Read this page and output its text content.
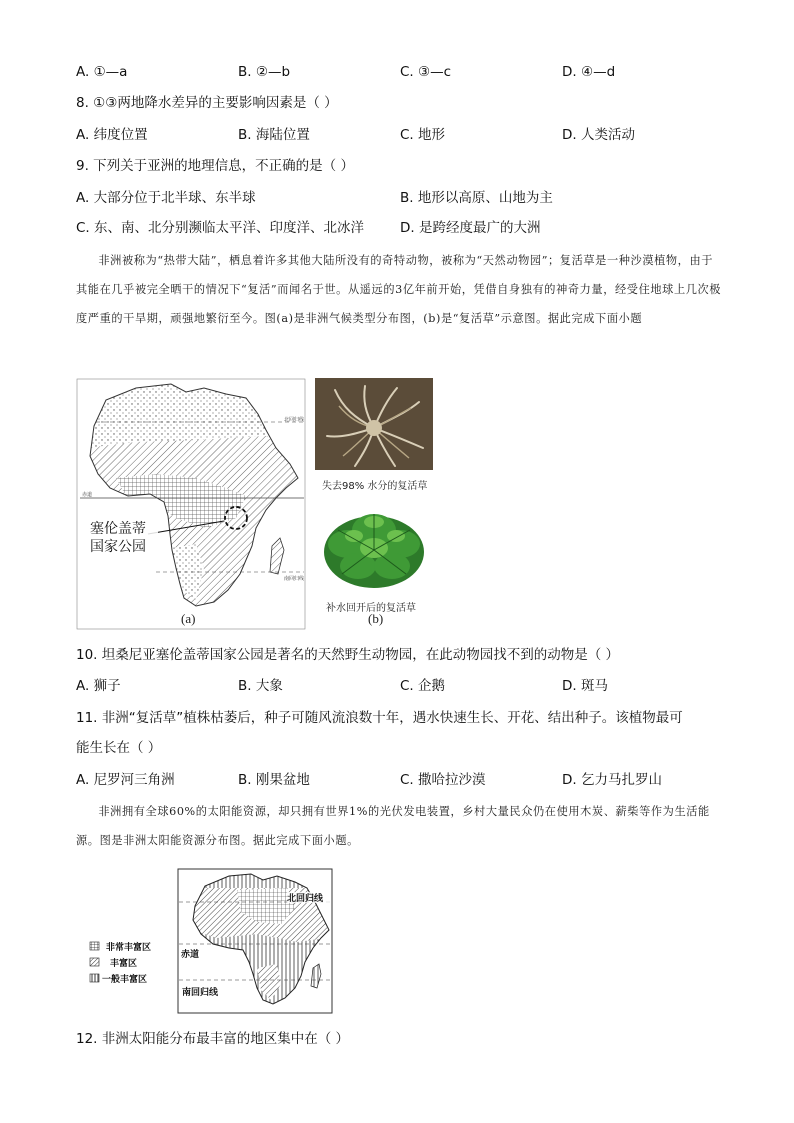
A. ①—a	B. ②—b	C. ③—c	D. ④—d
8. ①③两地降水差异的主要影响因素是（ ）
A. 纬度位置	B. 海陆位置	C. 地形	D. 人类活动
9. 下列关于亚洲的地理信息，不正确的是（ ）
A. 大部分位于北半球、东半球	B. 地形以高原、山地为主
C. 东、南、北分别濒临太平洋、印度洋、北冰洋	D. 是跨经度最广的大洲
非洲被称为“热带大陆”，栖息着许多其他大陆所没有的奇特动物，被称为“天然动物园”；复活草是一种沙漠植物，由于其能在几乎被完全晒干的情况下“复活”而闻名于世。从遥远的3亿年前开始，凭借自身独有的神奇力量，经受住地球上几次极度严重的干旱期，顽强地繁衍至今。图(a)是非洲气候类型分布图，(b)是“复活草”示意图。据此完成下面小题
北回归线
赤道
南回归线
塞伦盖蒂
国家公园
(a)
失去98% 水分的复活草
补水回开后的复活草
(b)
10. 坦桑尼亚塞伦盖蒂国家公园是著名的天然野生动物园，在此动物园找不到的动物是（ ）
A. 狮子	B. 大象	C. 企鹅	D. 斑马
11. 非洲“复活草”植株枯萎后，种子可随风流浪数十年，遇水快速生长、开花、结出种子。该植物最可
能生长在（ ）
A. 尼罗河三角洲	B. 刚果盆地	C. 撒哈拉沙漠	D. 乞力马扎罗山
非洲拥有全球60%的太阳能资源，却只拥有世界1%的光伏发电装置，乡村大量民众仍在使用木炭、薪柴等作为生活能源。图是非洲太阳能资源分布图。据此完成下面小题。
非常丰富区
丰富区
一般丰富区
北回归线
赤道
南回归线
12. 非洲太阳能分布最丰富的地区集中在（ ）
